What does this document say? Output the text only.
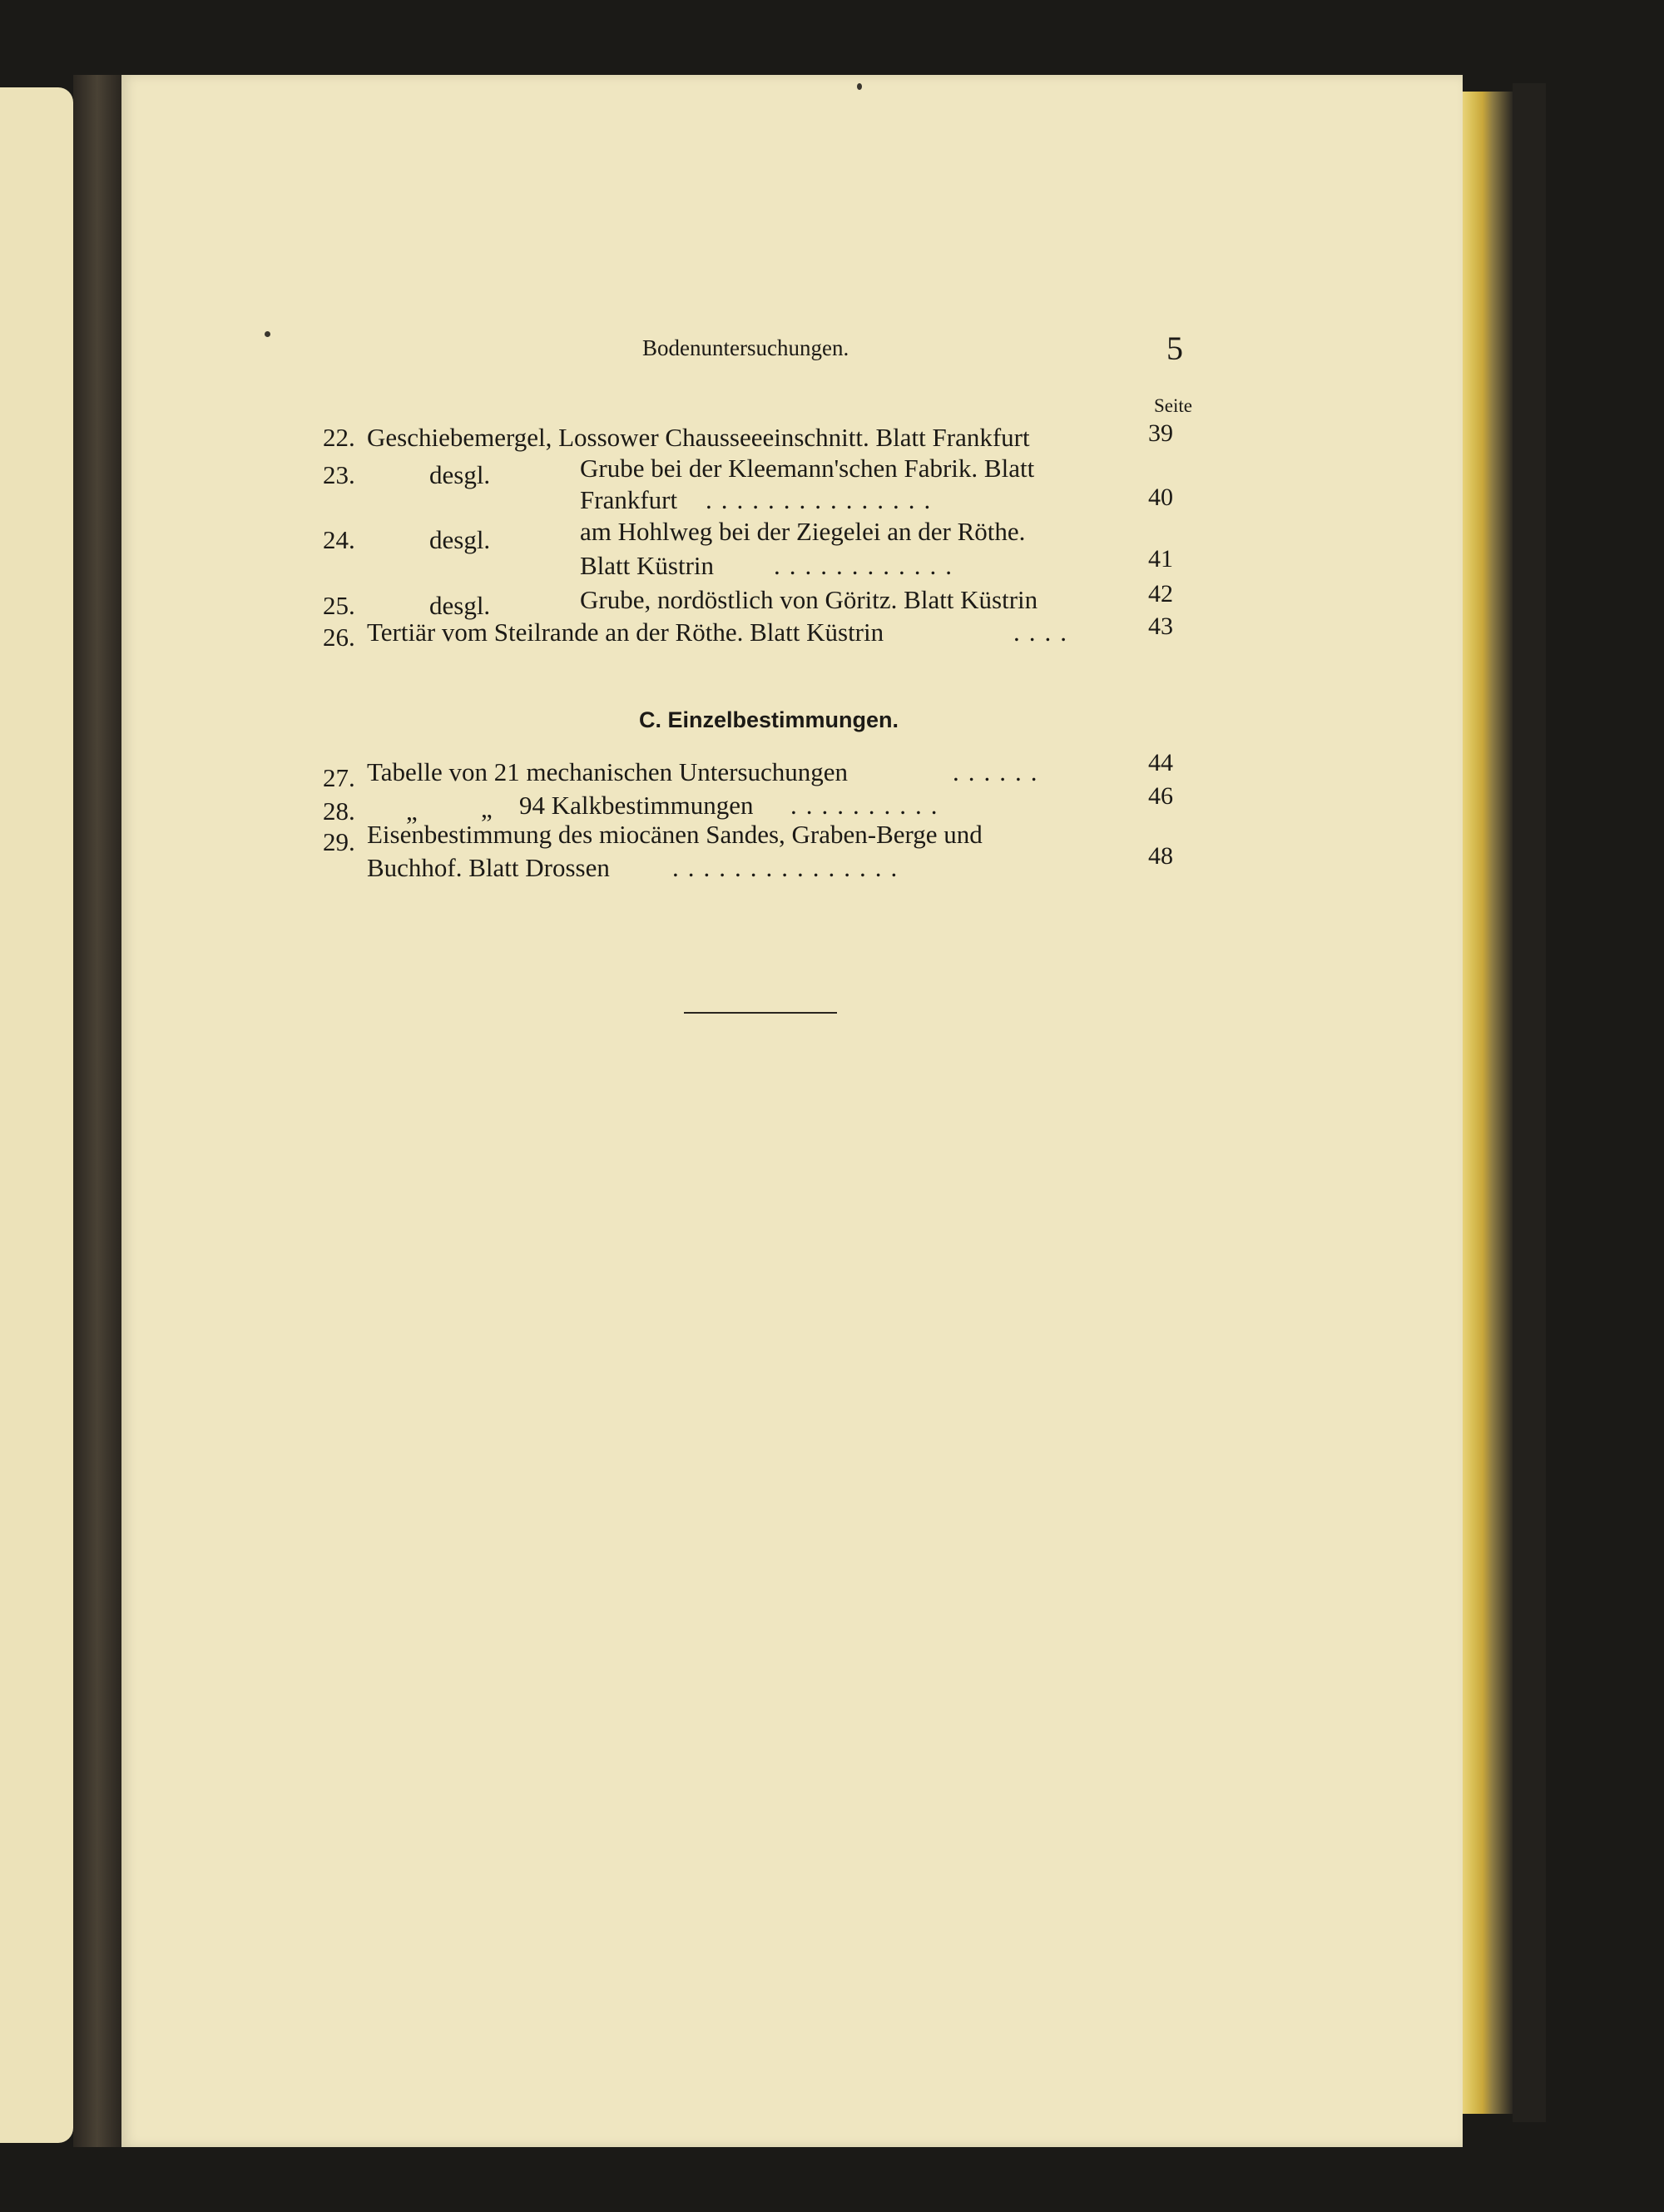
Bodenuntersuchungen.	5
Seite
22. Geschiebemergel, Lossower Chausseeeinschnitt. Blatt Frankfurt	39
23.	desgl.	Grube bei der Kleemann'schen Fabrik. Blatt
Frankfurt ...............	40
24.	desgl.	am Hohlweg bei der Ziegelei an der Röthe.
Blatt Küstrin ............	41
25.	desgl.	Grube, nordöstlich von Göritz. Blatt Küstrin	42
26. Tertiär vom Steilrande an der Röthe. Blatt Küstrin	....	43
C. Einzelbestimmungen.
27. Tabelle von 21 mechanischen Untersuchungen	......	44
28. „ „ 94 Kalkbestimmungen ..........	46
29. Eisenbestimmung des miocänen Sandes, Graben-Berge und
Buchhof. Blatt Drossen ...............	48
